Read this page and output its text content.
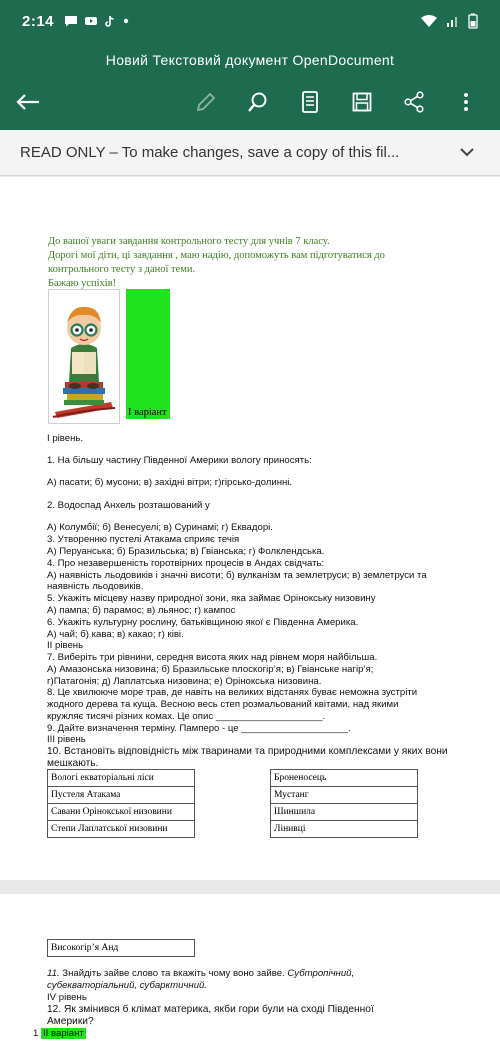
2:14
Новий Текстовий документ OpenDocument
READ ONLY – To make changes, save a copy of this fil...

До вашої уваги завдання контрольного тесту для учнів 7 класу.

Дорогі мої діти, ці завдання , маю надію, допоможуть вам підготуватися до

контрольного тесту з даної теми.

Бажаю успіхів!

І варіант
І рівень.
1. На більшу частину Південної Америки вологу приносять:
А) пасати; б) мусони; в) західні вітри; г)гірсько-долинні.
2. Водоспад Анхель розташований у
А) Колумбії; б) Венесуелі; в) Суринамі; г) Еквадорі.
3. Утворенню пустелі Атакама сприяє течія
А) Перуанська; б) Бразильська; в) Гвіанська; г) Фолклендська.
4. Про незавершеність горотвірних процесів в Андах свідчать:
А) наявність льодовиків і значні висоти; б) вулканізм та землетруси; в) землетруси та
наявність льодовиків.
5. Укажіть місцеву назву природної зони, яка займає Орінокську низовину
А) пампа; б) парамос; в) льянос; г) кампос
6. Укажіть культурну рослину, батьківщиною якої є Південна Америка.
А) чай; б) кава; в) какао; г) ківі.
ІІ рівень
7. Виберіть три рівнини, середня висота яких над рівнем моря найбільша.
А) Амазонська низовина; б) Бразильське плоскогір’я; в) Гвіанське нагір’я;
г)Патагонія; д) Лаплатська низовина; е) Орінокська низовина.
8. Це хвилююче море трав, де навіть на великих відстанях буває неможна зустріти
жодного дерева та куща. Весною весь степ розмальований квітами, над якими
кружляє тисячі різних комах. Це опис ____________________.
9. Дайте визначення терміну. Памперо - це ____________________.
ІІІ рівень
10. Встановіть відповідність між тваринами та природними комплексами у яких вони
мешкають.
Вологі екваторіальні ліси		Броненосець
Пустеля Атакама		Мустанг
Савани Орінокської низовини		Шиншила
Степи Лаплатської низовини		Лінивці
Високогір’я Анд
11. Знайдіть зайве слово та вкажіть чому воно зайве. Субтропічний,
субекваторіальний, субарктичний.
IV рівень
12. Як змінився б клімат материка, якби гори були на сході Південної
Америки?
1 ІІ варіант
